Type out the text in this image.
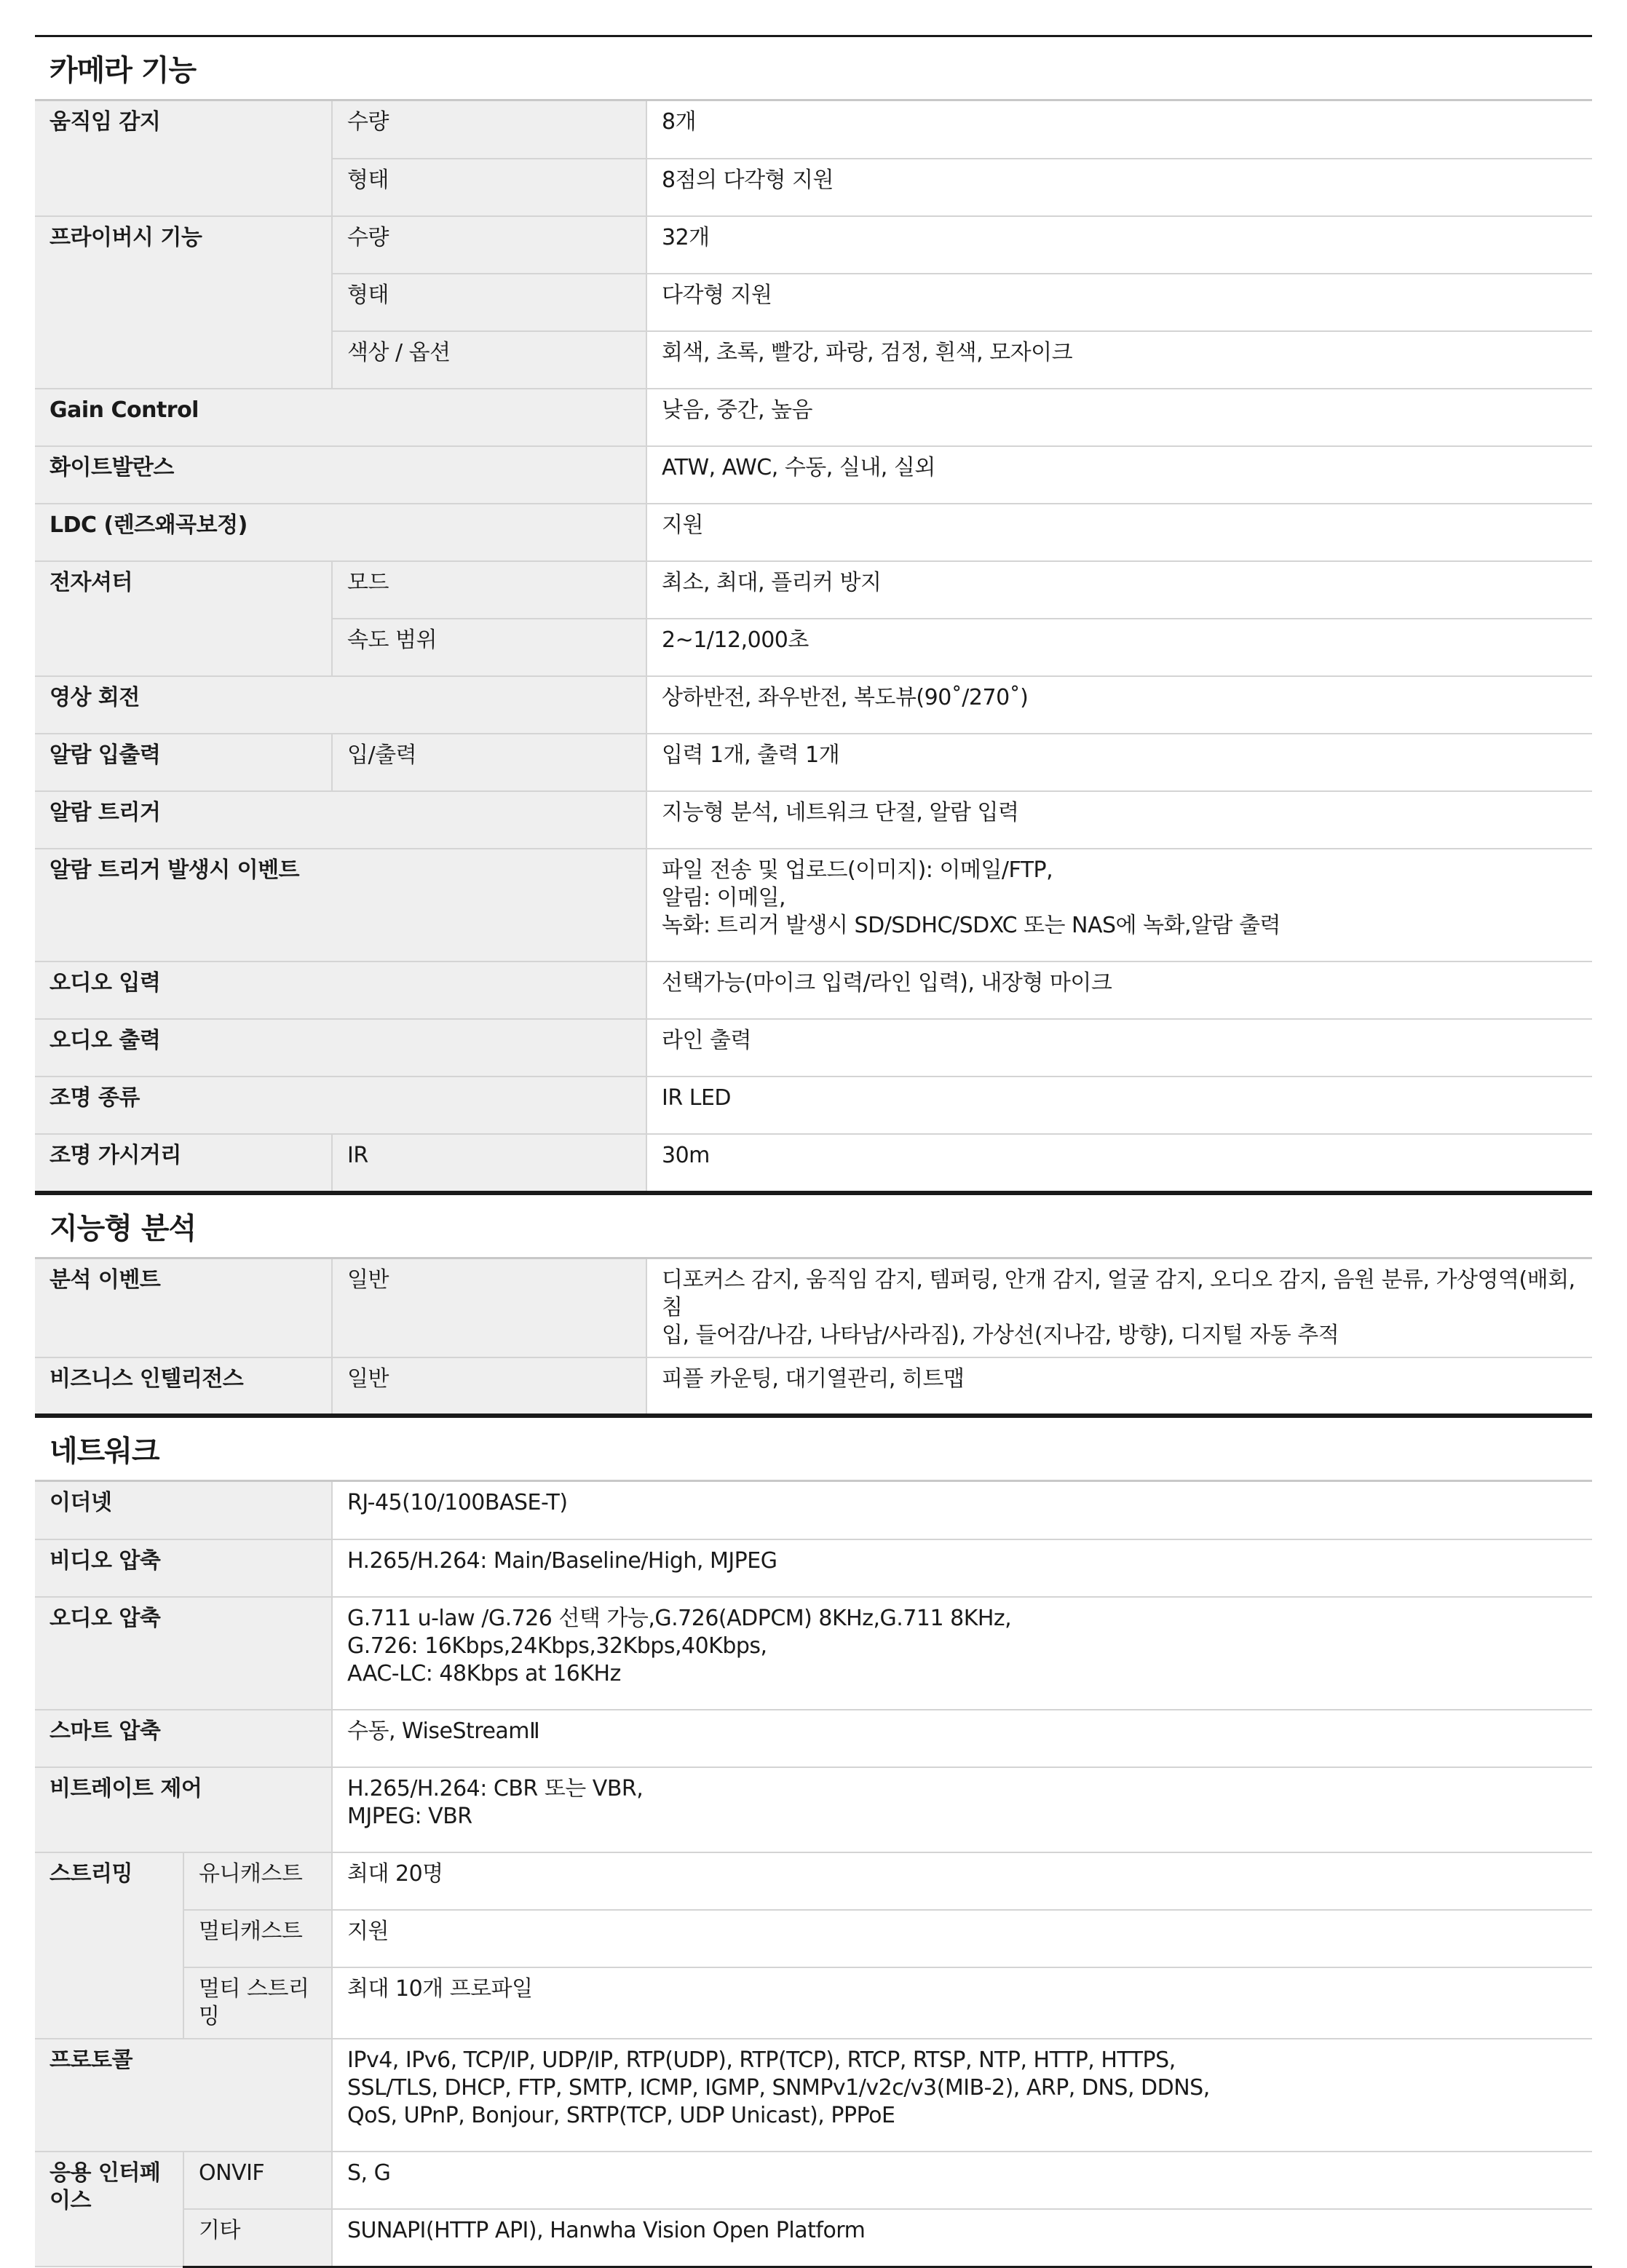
카메라 기능
움직임 감지	수량	8개
	형태	8점의 다각형 지원
프라이버시 기능	수량	32개
	형태	다각형 지원
	색상 / 옵션	회색, 초록, 빨강, 파랑, 검정, 흰색, 모자이크
Gain Control		낮음, 중간, 높음
화이트발란스		ATW, AWC, 수동, 실내, 실외
LDC (렌즈왜곡보정)		지원
전자셔터	모드	최소, 최대, 플리커 방지
	속도 범위	2~1/12,000초
영상 회전		상하반전, 좌우반전, 복도뷰(90˚/270˚)
알람 입출력	입/출력	입력 1개, 출력 1개
알람 트리거		지능형 분석, 네트워크 단절, 알람 입력
알람 트리거 발생시 이벤트		파일 전송 및 업로드(이미지): 이메일/FTP,
알림: 이메일,
녹화: 트리거 발생시 SD/SDHC/SDXC 또는 NAS에 녹화,알람 출력
오디오 입력		선택가능(마이크 입력/라인 입력), 내장형 마이크
오디오 출력		라인 출력
조명 종류		IR LED
조명 가시거리	IR	30m
지능형 분석
분석 이벤트	일반	디포커스 감지, 움직임 감지, 템퍼링, 안개 감지, 얼굴 감지, 오디오 감지, 음원 분류, 가상영역(배회, 침
입, 들어감/나감, 나타남/사라짐), 가상선(지나감, 방향), 디지털 자동 추적
비즈니스 인텔리전스	일반	피플 카운팅, 대기열관리, 히트맵
네트워크
이더넷		RJ-45(10/100BASE-T)
비디오 압축		H.265/H.264: Main/Baseline/High, MJPEG
오디오 압축		G.711 u-law /G.726 선택 가능,G.726(ADPCM) 8KHz,G.711 8KHz,
G.726: 16Kbps,24Kbps,32Kbps,40Kbps,
AAC-LC: 48Kbps at 16KHz
스마트 압축		수동, WiseStreamⅡ
비트레이트 제어		H.265/H.264: CBR 또는 VBR,
MJPEG: VBR
스트리밍	유니캐스트	최대 20명
	멀티캐스트	지원
	멀티 스트리밍	최대 10개 프로파일
프로토콜		IPv4, IPv6, TCP/IP, UDP/IP, RTP(UDP), RTP(TCP), RTCP, RTSP, NTP, HTTP, HTTPS,
SSL/TLS, DHCP, FTP, SMTP, ICMP, IGMP, SNMPv1/v2c/v3(MIB-2), ARP, DNS, DDNS,
QoS, UPnP, Bonjour, SRTP(TCP, UDP Unicast), PPPoE
응용 인터페이스	ONVIF	S, G
	기타	SUNAPI(HTTP API), Hanwha Vision Open Platform
